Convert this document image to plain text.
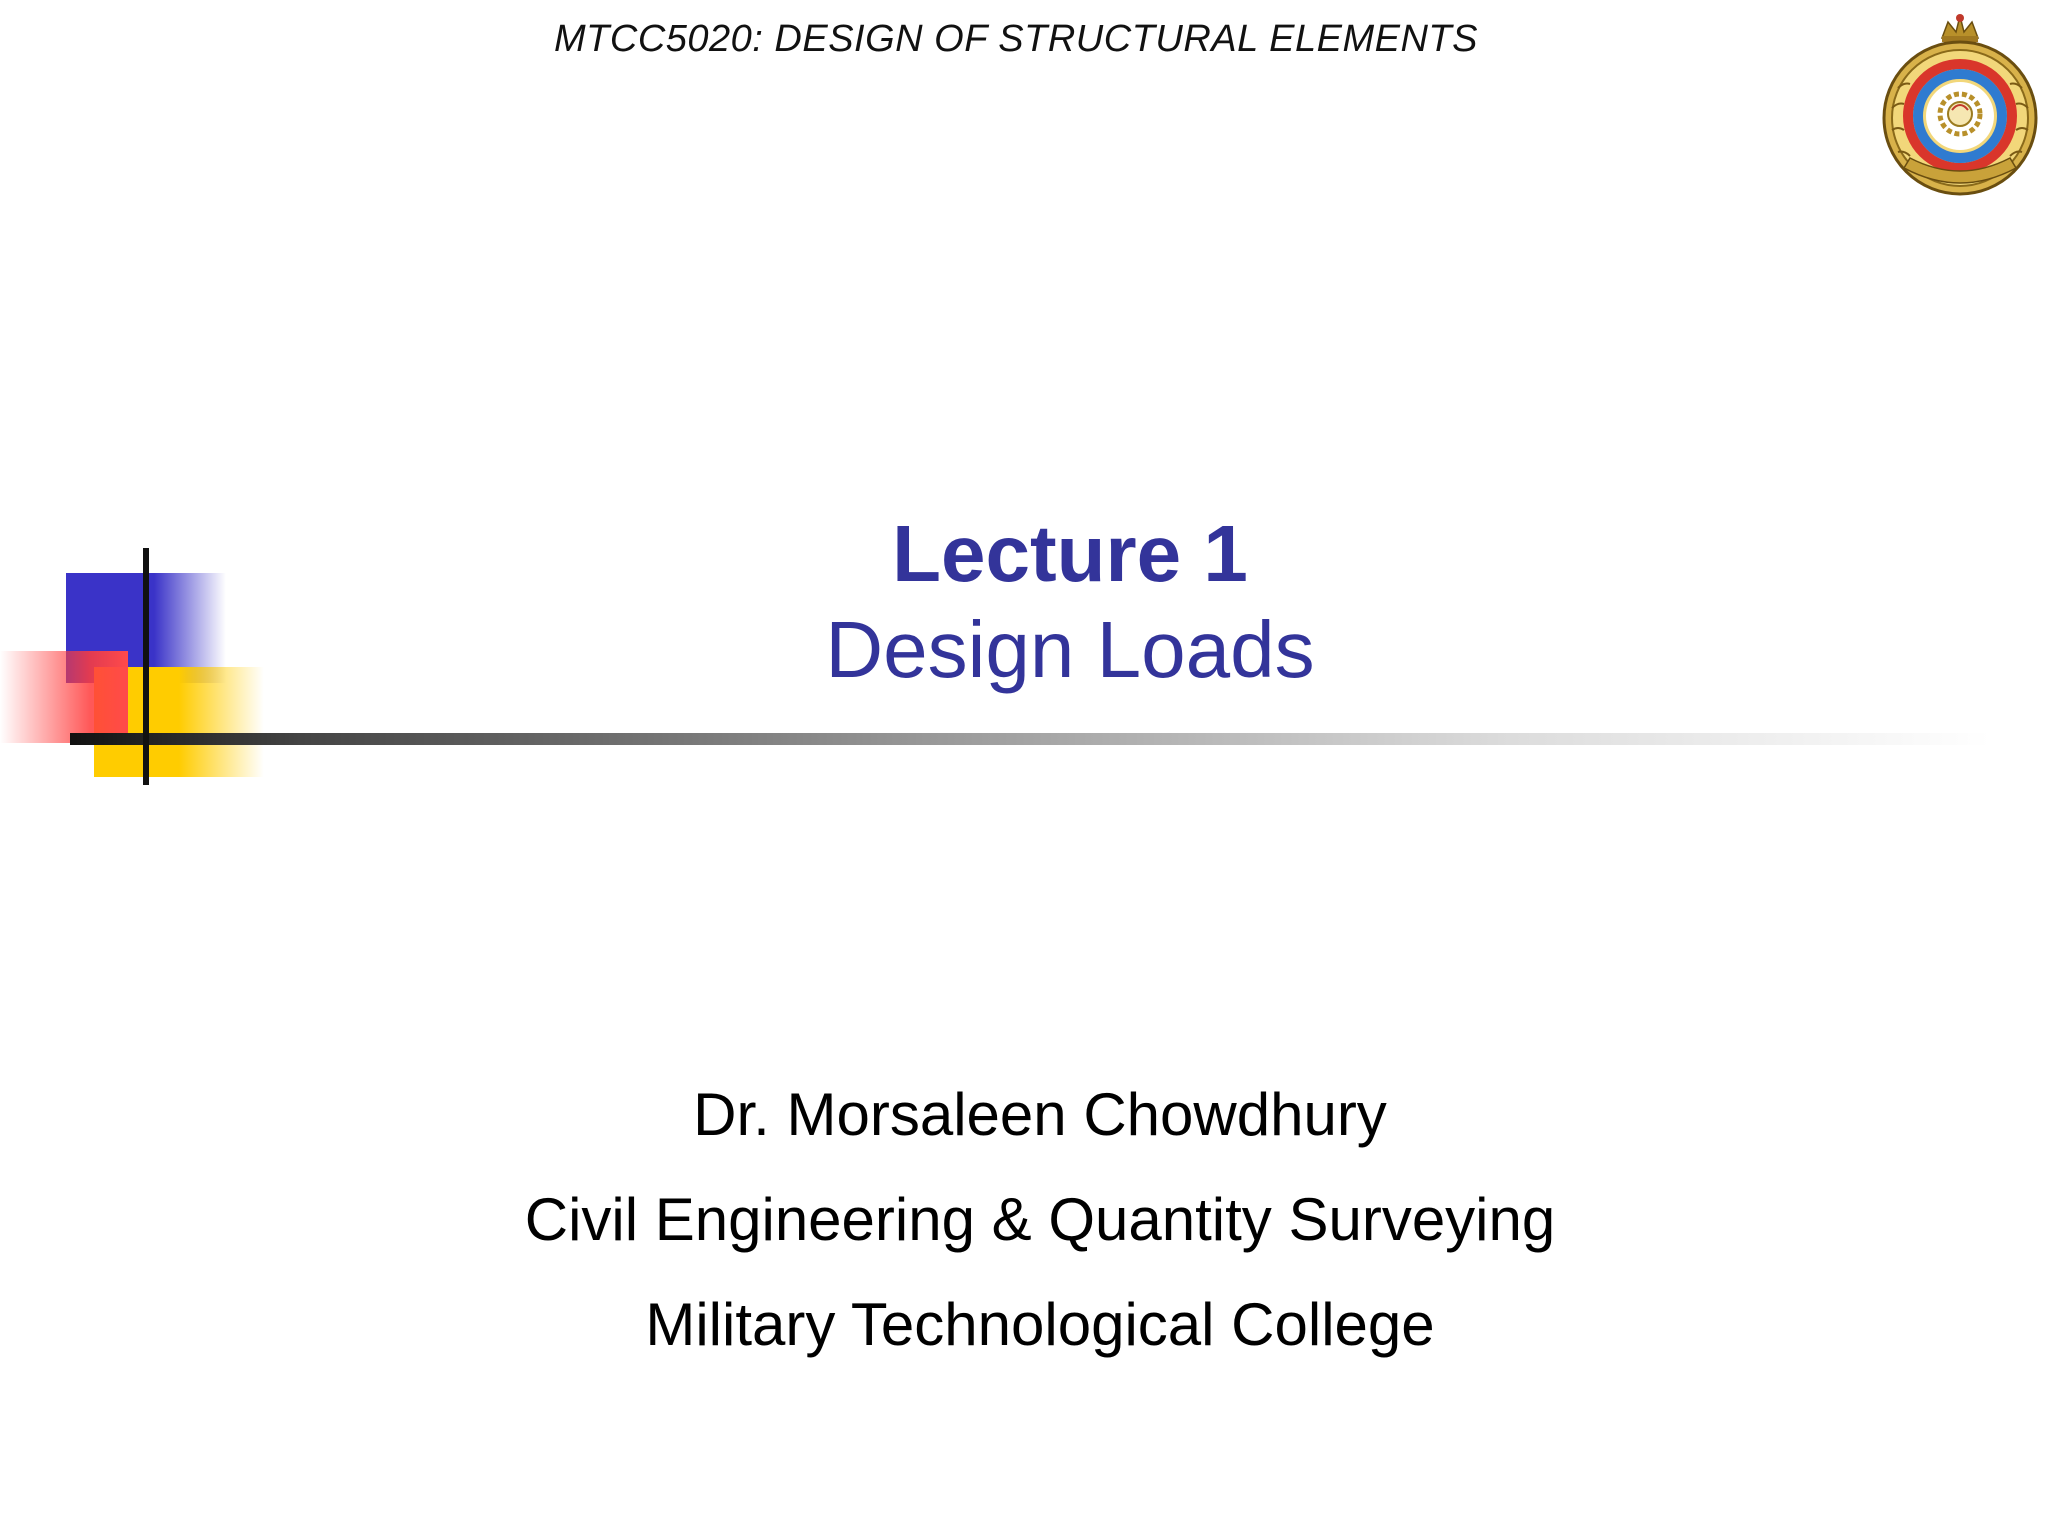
MTCC5020: DESIGN OF STRUCTURAL ELEMENTS
Lecture 1
Design Loads
Dr. Morsaleen Chowdhury
Civil Engineering & Quantity Surveying
Military Technological College
